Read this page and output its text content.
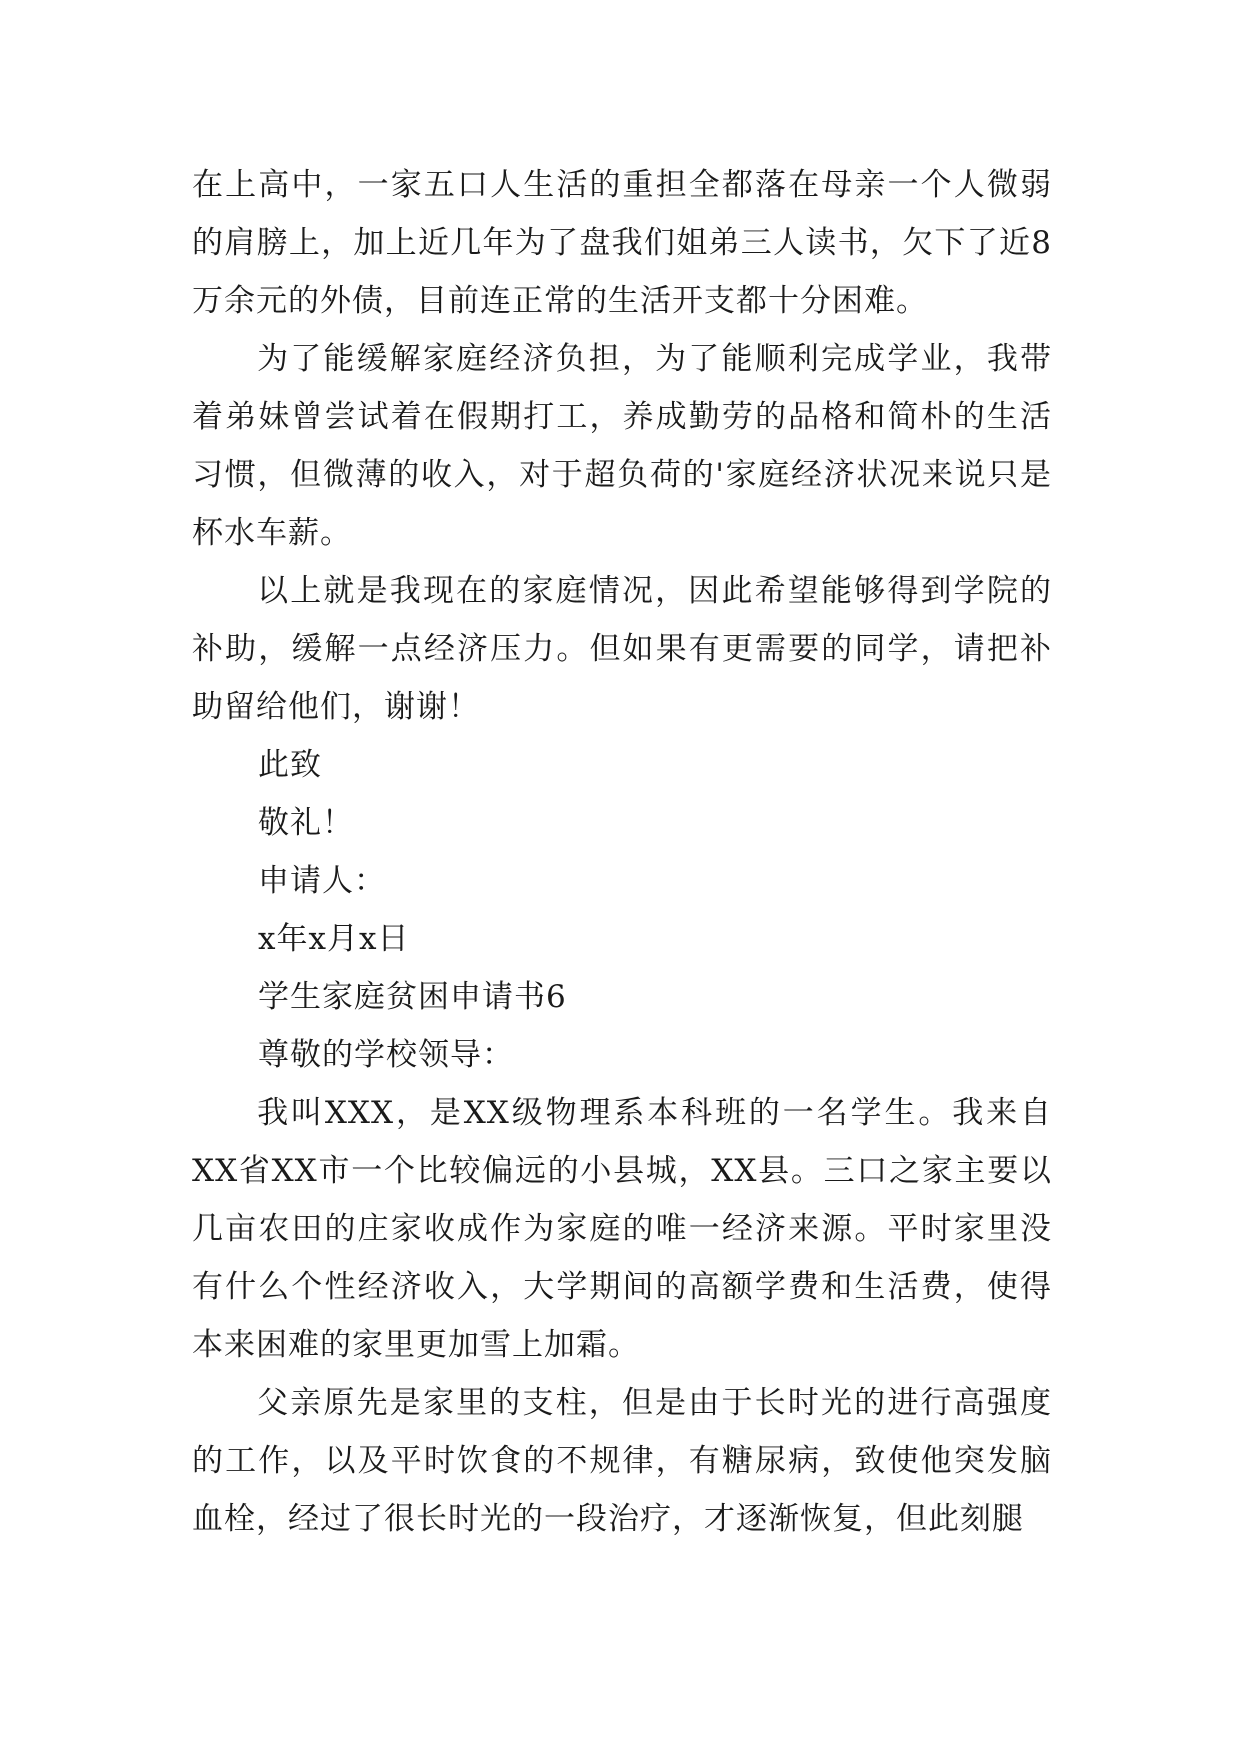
在上高中，一家五口人生活的重担全都落在母亲一个人微弱的肩膀上，加上近几年为了盘我们姐弟三人读书，欠下了近8万余元的外债，目前连正常的生活开支都十分困难。

为了能缓解家庭经济负担，为了能顺利完成学业，我带着弟妹曾尝试着在假期打工，养成勤劳的品格和简朴的生活习惯，但微薄的收入，对于超负荷的'家庭经济状况来说只是杯水车薪。

以上就是我现在的家庭情况，因此希望能够得到学院的补助，缓解一点经济压力。但如果有更需要的同学，请把补助留给他们，谢谢！

此致

敬礼！

申请人：

x年x月x日

学生家庭贫困申请书6

尊敬的学校领导：

我叫XXX，是XX级物理系本科班的一名学生。我来自XX省XX市一个比较偏远的小县城，XX县。三口之家主要以几亩农田的庄家收成作为家庭的唯一经济来源。平时家里没有什么个性经济收入，大学期间的高额学费和生活费，使得本来困难的家里更加雪上加霜。

父亲原先是家里的支柱，但是由于长时光的进行高强度的工作，以及平时饮食的不规律，有糖尿病，致使他突发脑血栓，经过了很长时光的一段治疗，才逐渐恢复，但此刻腿
